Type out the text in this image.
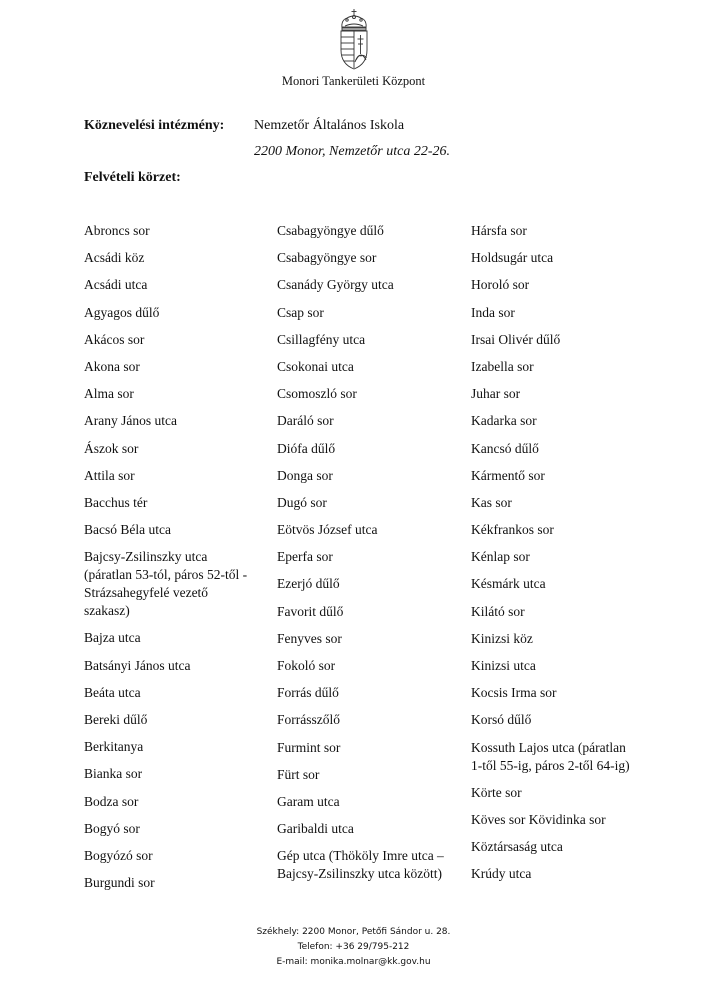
Monori Tankerületi Központ
Köznevelési intézmény:	Nemzetőr Általános Iskola
2200 Monor, Nemzetőr utca 22-26.
Felvételi körzet:
Abroncs sor
Acsádi köz
Acsádi utca
Agyagos dűlő
Akácos sor
Akona sor
Alma sor
Arany János utca
Ászok sor
Attila sor
Bacchus tér
Bacsó Béla utca
Bajcsy-Zsilinszky utca (páratlan 53-tól, páros 52-től - Strázsahegyfelé vezető szakasz)
Bajza utca
Batsányi János utca
Beáta utca
Bereki dűlő
Berkitanya
Bianka sor
Bodza sor
Bogyó sor
Bogyózó sor
Burgundi sor
Csabagyöngye dűlő
Csabagyöngye sor
Csanády György utca
Csap sor
Csillagfény utca
Csokonai utca
Csomoszló sor
Daráló sor
Diófa dűlő
Donga sor
Dugó sor
Eötvös József utca
Eperfa sor
Ezerjó dűlő
Favorit dűlő
Fenyves sor
Fokoló sor
Forrás dűlő
Forrásszőlő
Furmint sor
Fürt sor
Garam utca
Garibaldi utca
Gép utca (Thököly Imre utca – Bajcsy-Zsilinszky utca között)
Hársfa sor
Holdsugár utca
Horoló sor
Inda sor
Irsai Olivér dűlő
Izabella sor
Juhar sor
Kadarka sor
Kancsó dűlő
Kármentő sor
Kas sor
Kékfrankos sor
Kénlap sor
Késmárk utca
Kilátó sor
Kinizsi köz
Kinizsi utca
Kocsis Irma sor
Korsó dűlő
Kossuth Lajos utca (páratlan 1-től 55-ig, páros 2-től 64-ig)
Körte sor
Köves sor Kövidinka sor
Köztársaság utca
Krúdy utca
Székhely: 2200 Monor, Petőfi Sándor u. 28.
Telefon: +36 29/795-212
E-mail: monika.molnar@kk.gov.hu
